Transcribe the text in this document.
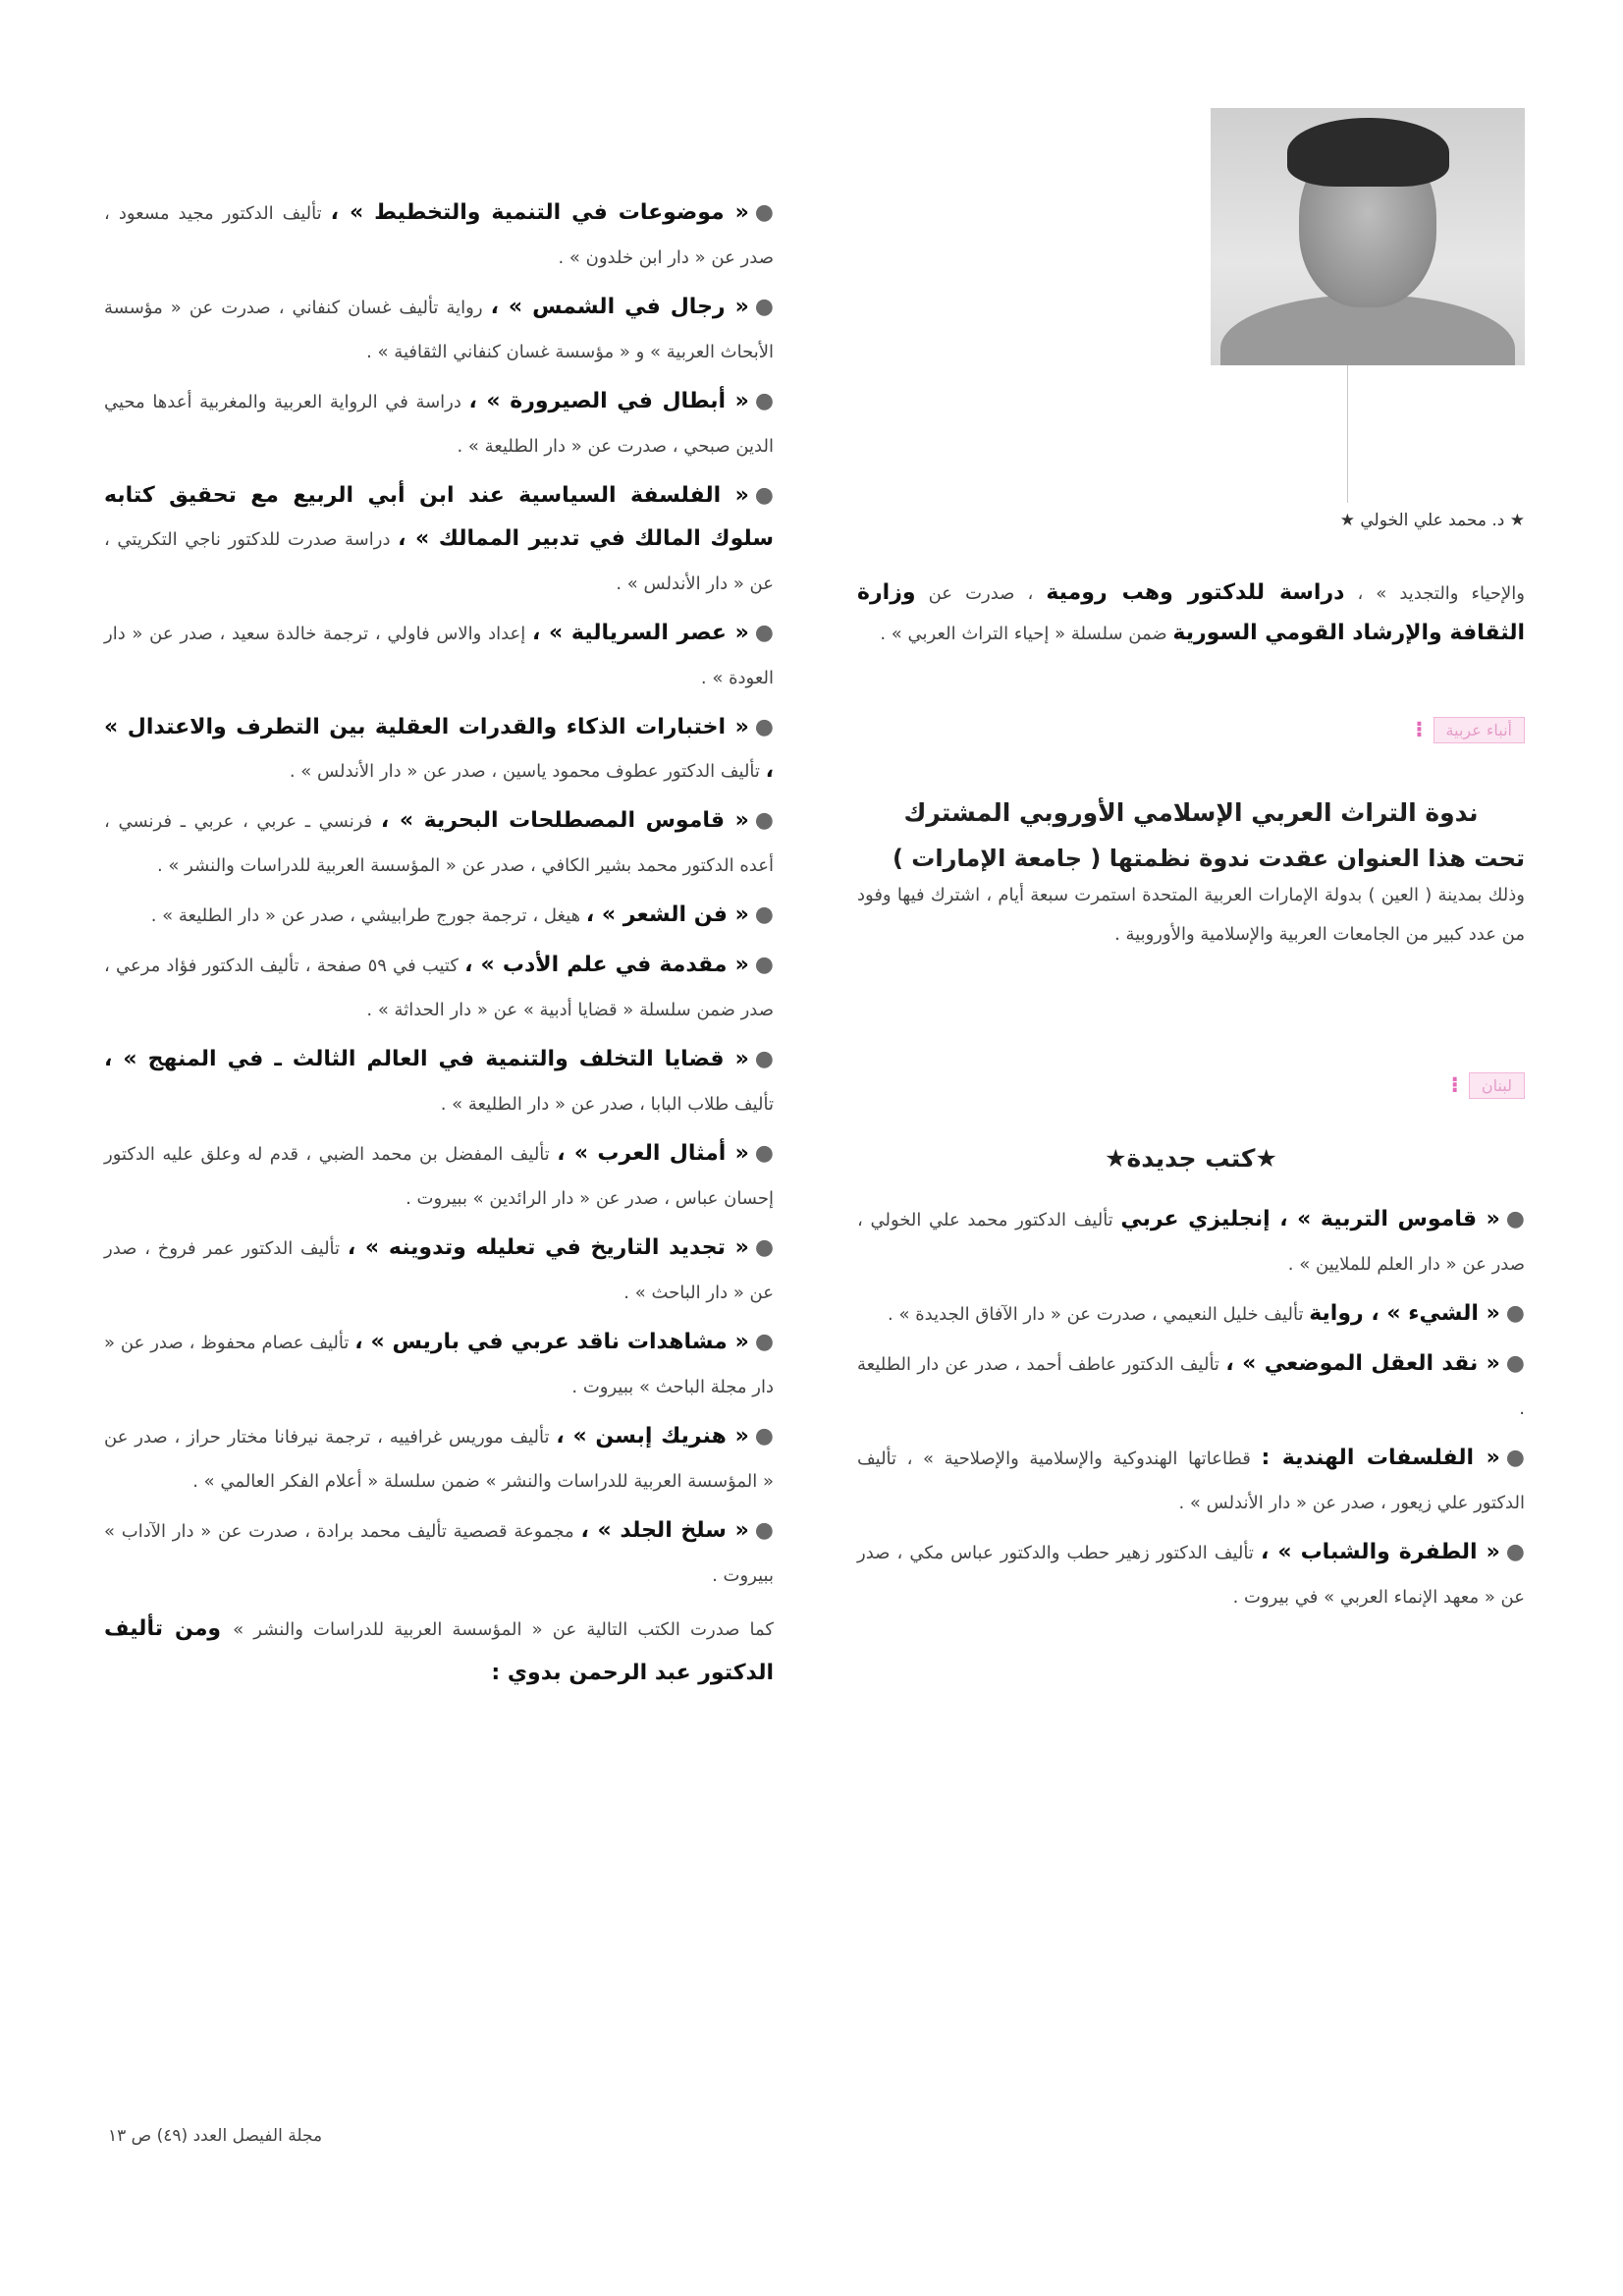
★ د. محمد علي الخولي ★

والإحياء والتجديد » ، دراسة للدكتور وهب رومية ، صدرت عن وزارة الثقافة والإرشاد القومي السورية ضمن سلسلة « إحياء التراث العربي » .

أنباء عربية
⁝

ندوة التراث العربي الإسلامي الأوروبي المشترك

تحت هذا العنوان عقدت ندوة نظمتها ( جامعة الإمارات )

وذلك بمدينة ( العين ) بدولة الإمارات العربية المتحدة استمرت سبعة أيام ، اشترك فيها وفود من عدد كبير من الجامعات العربية والإسلامية والأوروبية .

لبنان
⁝

★كتب جديدة★

●« قاموس التربية » ، إنجليزي عربي تأليف الدكتور محمد علي الخولي ، صدر عن « دار العلم للملايين » .

●« الشيء » ، رواية تأليف خليل النعيمي ، صدرت عن « دار الآفاق الجديدة » .

●« نقد العقل الموضعي » ، تأليف الدكتور عاطف أحمد ، صدر عن دار الطليعة .

●« الفلسفات الهندية : قطاعاتها الهندوكية والإسلامية والإصلاحية » ، تأليف الدكتور علي زيعور ، صدر عن « دار الأندلس » .

●« الطفرة والشباب » ، تأليف الدكتور زهير حطب والدكتور عباس مكي ، صدر عن « معهد الإنماء العربي » في بيروت .

●« موضوعات في التنمية والتخطيط » ، تأليف الدكتور مجيد مسعود ، صدر عن « دار ابن خلدون » .

●« رجال في الشمس » ، رواية تأليف غسان كنفاني ، صدرت عن « مؤسسة الأبحاث العربية » و « مؤسسة غسان كنفاني الثقافية » .

●« أبطال في الصيرورة » ، دراسة في الرواية العربية والمغربية أعدها محيي الدين صبحي ، صدرت عن « دار الطليعة » .

●« الفلسفة السياسية عند ابن أبي الربيع مع تحقيق كتابه سلوك المالك في تدبير الممالك » ، دراسة صدرت للدكتور ناجي التكريتي ، عن « دار الأندلس » .

●« عصر السريالية » ، إعداد والاس فاولي ، ترجمة خالدة سعيد ، صدر عن « دار العودة » .

●« اختبارات الذكاء والقدرات العقلية بين التطرف والاعتدال » ، تأليف الدكتور عطوف محمود ياسين ، صدر عن « دار الأندلس » .

●« قاموس المصطلحات البحرية » ، فرنسي ـ عربي ، عربي ـ فرنسي ، أعده الدكتور محمد بشير الكافي ، صدر عن « المؤسسة العربية للدراسات والنشر » .

●« فن الشعر » ، هيغل ، ترجمة جورج طرابيشي ، صدر عن « دار الطليعة » .

●« مقدمة في علم الأدب » ، كتيب في ٥٩ صفحة ، تأليف الدكتور فؤاد مرعي ، صدر ضمن سلسلة « قضايا أدبية » عن « دار الحداثة » .

●« قضايا التخلف والتنمية في العالم الثالث ـ في المنهج » ، تأليف طلاب البابا ، صدر عن « دار الطليعة » .

●« أمثال العرب » ، تأليف المفضل بن محمد الضبي ، قدم له وعلق عليه الدكتور إحسان عباس ، صدر عن « دار الرائدين » ببيروت .

●« تجديد التاريخ في تعليله وتدوينه » ، تأليف الدكتور عمر فروخ ، صدر عن « دار الباحث » .

●« مشاهدات ناقد عربي في باريس » ، تأليف عصام محفوظ ، صدر عن « دار مجلة الباحث » ببيروت .

●« هنريك إبسن » ، تأليف موريس غرافييه ، ترجمة نيرفانا مختار حراز ، صدر عن « المؤسسة العربية للدراسات والنشر » ضمن سلسلة « أعلام الفكر العالمي » .

●« سلخ الجلد » ، مجموعة قصصية تأليف محمد برادة ، صدرت عن « دار الآداب » ببيروت .

كما صدرت الكتب التالية عن « المؤسسة العربية للدراسات والنشر » ومن تأليف الدكتور عبد الرحمن بدوي :

مجلة الفيصل العدد (٤٩) ص ١٣
